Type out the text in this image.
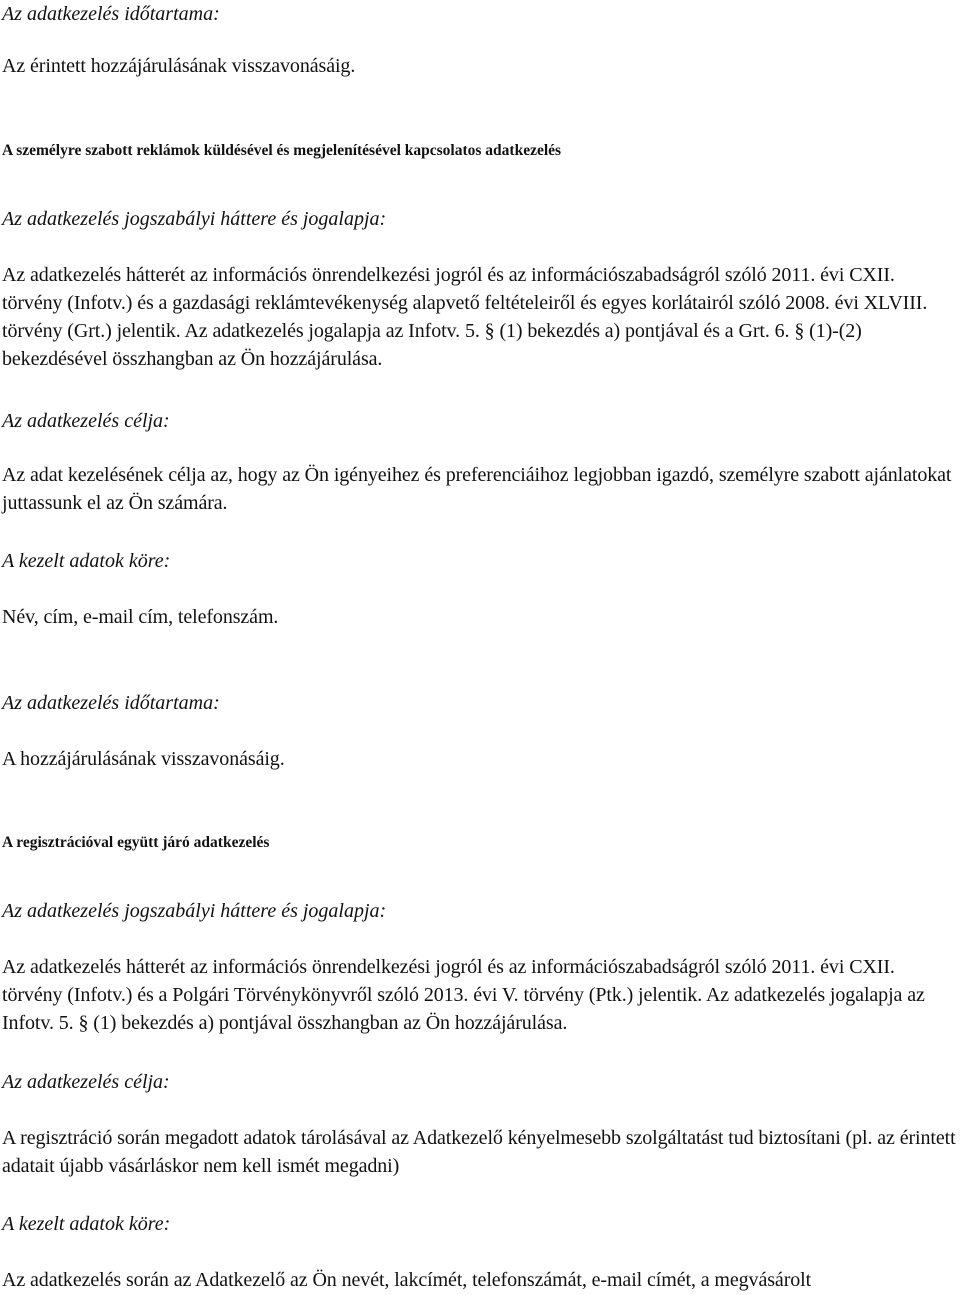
Az adatkezelés időtartama:

Az érintett hozzájárulásának visszavonásáig.

A személyre szabott reklámok küldésével és megjelenítésével kapcsolatos adatkezelés

Az adatkezelés jogszabályi háttere és jogalapja:

Az adatkezelés hátterét az információs önrendelkezési jogról és az információszabadságról szóló 2011. évi CXII. törvény (Infotv.) és a gazdasági reklámtevékenység alapvető feltételeiről és egyes korlátairól szóló 2008. évi XLVIII. törvény (Grt.) jelentik. Az adatkezelés jogalapja az Infotv. 5. § (1) bekezdés a) pontjával és a Grt. 6. § (1)-(2) bekezdésével összhangban az Ön hozzájárulása.

Az adatkezelés célja:

Az adat kezelésének célja az, hogy az Ön igényeihez és preferenciáihoz legjobban igazdó, személyre szabott ajánlatokat juttassunk el az Ön számára.

A kezelt adatok köre:

Név, cím, e-mail cím, telefonszám.

Az adatkezelés időtartama:

A hozzájárulásának visszavonásáig.

A regisztrációval együtt járó adatkezelés

Az adatkezelés jogszabályi háttere és jogalapja:

Az adatkezelés hátterét az információs önrendelkezési jogról és az információszabadságról szóló 2011. évi CXII. törvény (Infotv.) és a Polgári Törvénykönyvről szóló 2013. évi V. törvény (Ptk.) jelentik. Az adatkezelés jogalapja az Infotv. 5. § (1) bekezdés a) pontjával összhangban az Ön hozzájárulása.

Az adatkezelés célja:

A regisztráció során megadott adatok tárolásával az Adatkezelő kényelmesebb szolgáltatást tud biztosítani (pl. az érintett adatait újabb vásárláskor nem kell ismét megadni)

A kezelt adatok köre:

Az adatkezelés során az Adatkezelő az Ön nevét, lakcímét, telefonszámát, e-mail címét, a megvásárolt
